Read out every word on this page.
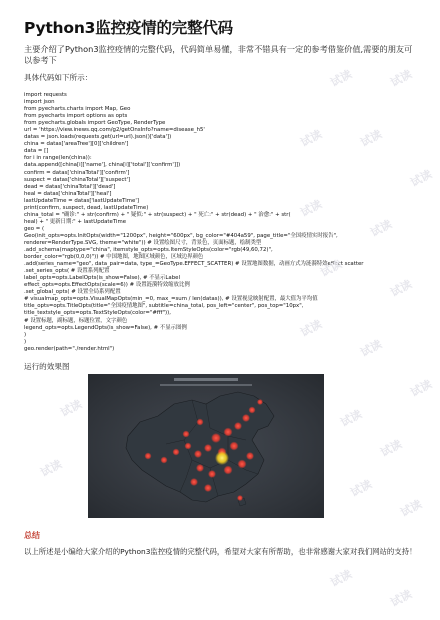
Python3监控疫情的完整代码
主要介绍了Python3监控疫情的完整代码，代码简单易懂，非常不错具有一定的参考借鉴价值,需要的朋友可以参考下
具体代码如下所示：
import requests
import json
from pyecharts.charts import Map, Geo
from pyecharts import options as opts
from pyecharts.globals import GeoType, RenderType
url = 'https://view.inews.qq.com/g2/getOnsInfo?name=disease_h5'
datas = json.loads(requests.get(url=url).json()['data'])
china = datas['areaTree'][0]['children']
data = []
for i in range(len(china)):
data.append([china[i]['name'], china[i]['total']['confirm']])
confirm = datas['chinaTotal']['confirm']
suspect = datas['chinaTotal']['suspect']
dead = datas['chinaTotal']['dead']
heal = datas['chinaTotal']['heal']
lastUpdateTime = datas['lastUpdateTime']
print(confirm, suspect, dead, lastUpdateTime)
china_total = "确诊:" + str(confirm) + " 疑似:" + str(suspect) + " 死亡:" + str(dead) + " 治愈:" + str(
heal) + " 更新日期:" + lastUpdateTime
geo = (
Geo(init_opts=opts.InitOpts(width="1200px", height="600px", bg_color="#404a59", page_title="全国疫情实时报告",
renderer=RenderType.SVG, theme="white")) # 设置绘图尺寸，背景色，页面标题，绘制类型
.add_schema(maptype="china", itemstyle_opts=opts.ItemStyleOpts(color="rgb(49,60,72)",
border_color="rgb(0,0,0)")) # 中国地图，地图区域颜色，区域边界颜色
.add(series_name="geo", data_pair=data, type_=GeoType.EFFECT_SCATTER) # 设置地图数据，动画方式为涟漪特效effect scatter
.set_series_opts( # 设置系列配置
label_opts=opts.LabelOpts(is_show=False), # 不显示Label
effect_opts=opts.EffectOpts(scale=6)) # 设置涟漪特效缩放比例
.set_global_opts( # 设置全局系列配置
# visualmap_opts=opts.VisualMapOpts(min_=0, max_=sum / len(datas)), # 设置视觉映射配置，最大值为平均值
title_opts=opts.TitleOpts(title="全国疫情地图", subtitle=china_total, pos_left="center", pos_top="10px",
title_textstyle_opts=opts.TextStyleOpts(color="#fff")),
# 设置标题，副标题，标题位置，文字颜色
legend_opts=opts.LegendOpts(is_show=False), # 不显示图例
)
)
geo.render(path="./render.html")
运行的效果图
总结
以上所述是小编给大家介绍的Python3监控疫情的完整代码，希望对大家有所帮助，也非常感谢大家对我们网站的支持！
试读	试读
试读	试读
试读
试读
试读
试读
试读
试读
试读
试读
试读
试读
试读
试读
试读
试读
试读
试读
